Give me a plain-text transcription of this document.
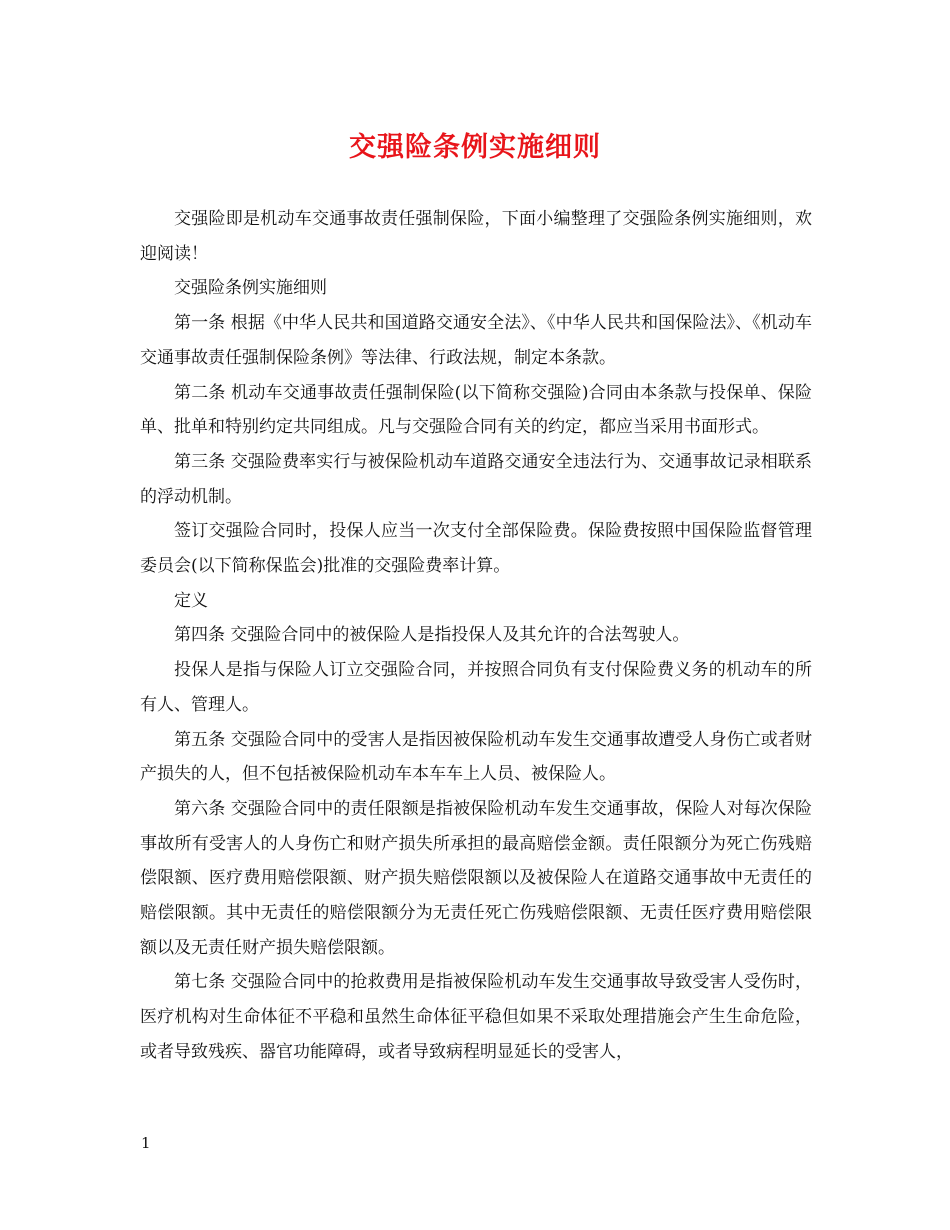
交强险条例实施细则

交强险即是机动车交通事故责任强制保险，下面小编整理了交强险条例实施细则，欢迎阅读！

交强险条例实施细则

第一条 根据《中华人民共和国道路交通安全法》、《中华人民共和国保险法》、《机动车交通事故责任强制保险条例》等法律、行政法规，制定本条款。

第二条 机动车交通事故责任强制保险(以下简称交强险)合同由本条款与投保单、保险单、批单和特别约定共同组成。凡与交强险合同有关的约定，都应当采用书面形式。

第三条 交强险费率实行与被保险机动车道路交通安全违法行为、交通事故记录相联系的浮动机制。

签订交强险合同时，投保人应当一次支付全部保险费。保险费按照中国保险监督管理委员会(以下简称保监会)批准的交强险费率计算。

定义

第四条 交强险合同中的被保险人是指投保人及其允许的合法驾驶人。

投保人是指与保险人订立交强险合同，并按照合同负有支付保险费义务的机动车的所有人、管理人。

第五条 交强险合同中的受害人是指因被保险机动车发生交通事故遭受人身伤亡或者财产损失的人，但不包括被保险机动车本车车上人员、被保险人。

第六条 交强险合同中的责任限额是指被保险机动车发生交通事故，保险人对每次保险事故所有受害人的人身伤亡和财产损失所承担的最高赔偿金额。责任限额分为死亡伤残赔偿限额、医疗费用赔偿限额、财产损失赔偿限额以及被保险人在道路交通事故中无责任的赔偿限额。其中无责任的赔偿限额分为无责任死亡伤残赔偿限额、无责任医疗费用赔偿限额以及无责任财产损失赔偿限额。

第七条 交强险合同中的抢救费用是指被保险机动车发生交通事故导致受害人受伤时，医疗机构对生命体征不平稳和虽然生命体征平稳但如果不采取处理措施会产生生命危险，或者导致残疾、器官功能障碍，或者导致病程明显延长的受害人，

1
